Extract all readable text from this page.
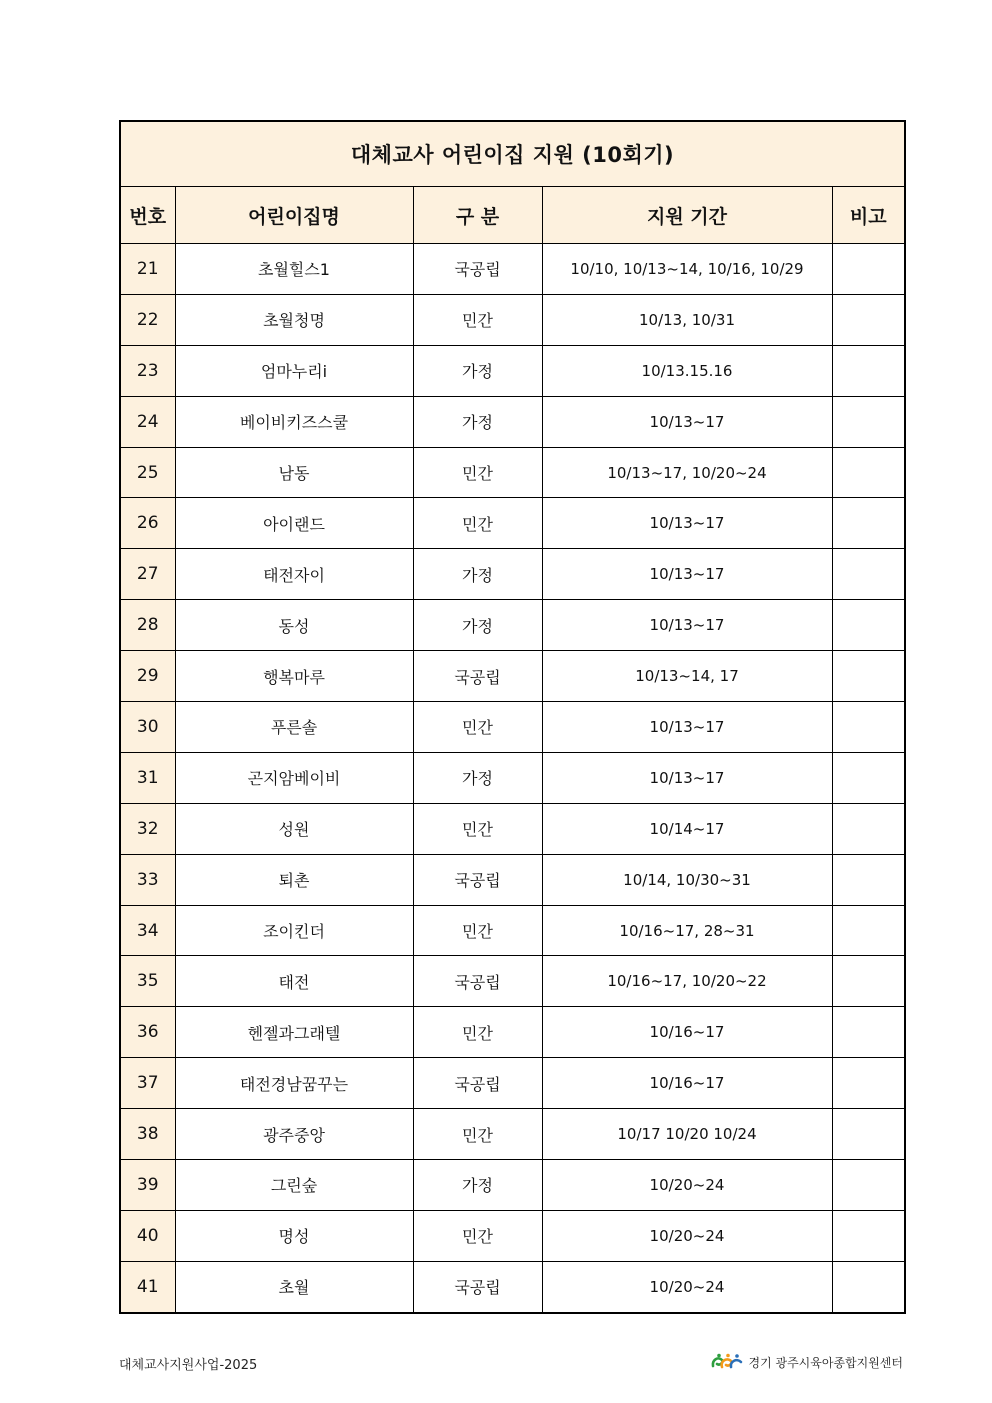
대체교사 어린이집 지원 (10회기)				
번호	어린이집명	구 분	지원 기간	비고
21	초월힐스1	국공립	10/10, 10/13~14, 10/16, 10/29	
22	초월청명	민간	10/13, 10/31	
23	엄마누리i	가정	10/13.15.16	
24	베이비키즈스쿨	가정	10/13~17	
25	남동	민간	10/13~17, 10/20~24	
26	아이랜드	민간	10/13~17	
27	태전자이	가정	10/13~17	
28	동성	가정	10/13~17	
29	행복마루	국공립	10/13~14, 17	
30	푸른솔	민간	10/13~17	
31	곤지암베이비	가정	10/13~17	
32	성원	민간	10/14~17	
33	퇴촌	국공립	10/14, 10/30~31	
34	조이킨더	민간	10/16~17, 28~31	
35	태전	국공립	10/16~17, 10/20~22	
36	헨젤과그래텔	민간	10/16~17	
37	태전경남꿈꾸는	국공립	10/16~17	
38	광주중앙	민간	10/17 10/20 10/24	
39	그린숲	가정	10/20~24	
40	명성	민간	10/20~24	
41	초월	국공립	10/20~24	
대체교사지원사업-2025	경기 광주시육아종합지원센터
